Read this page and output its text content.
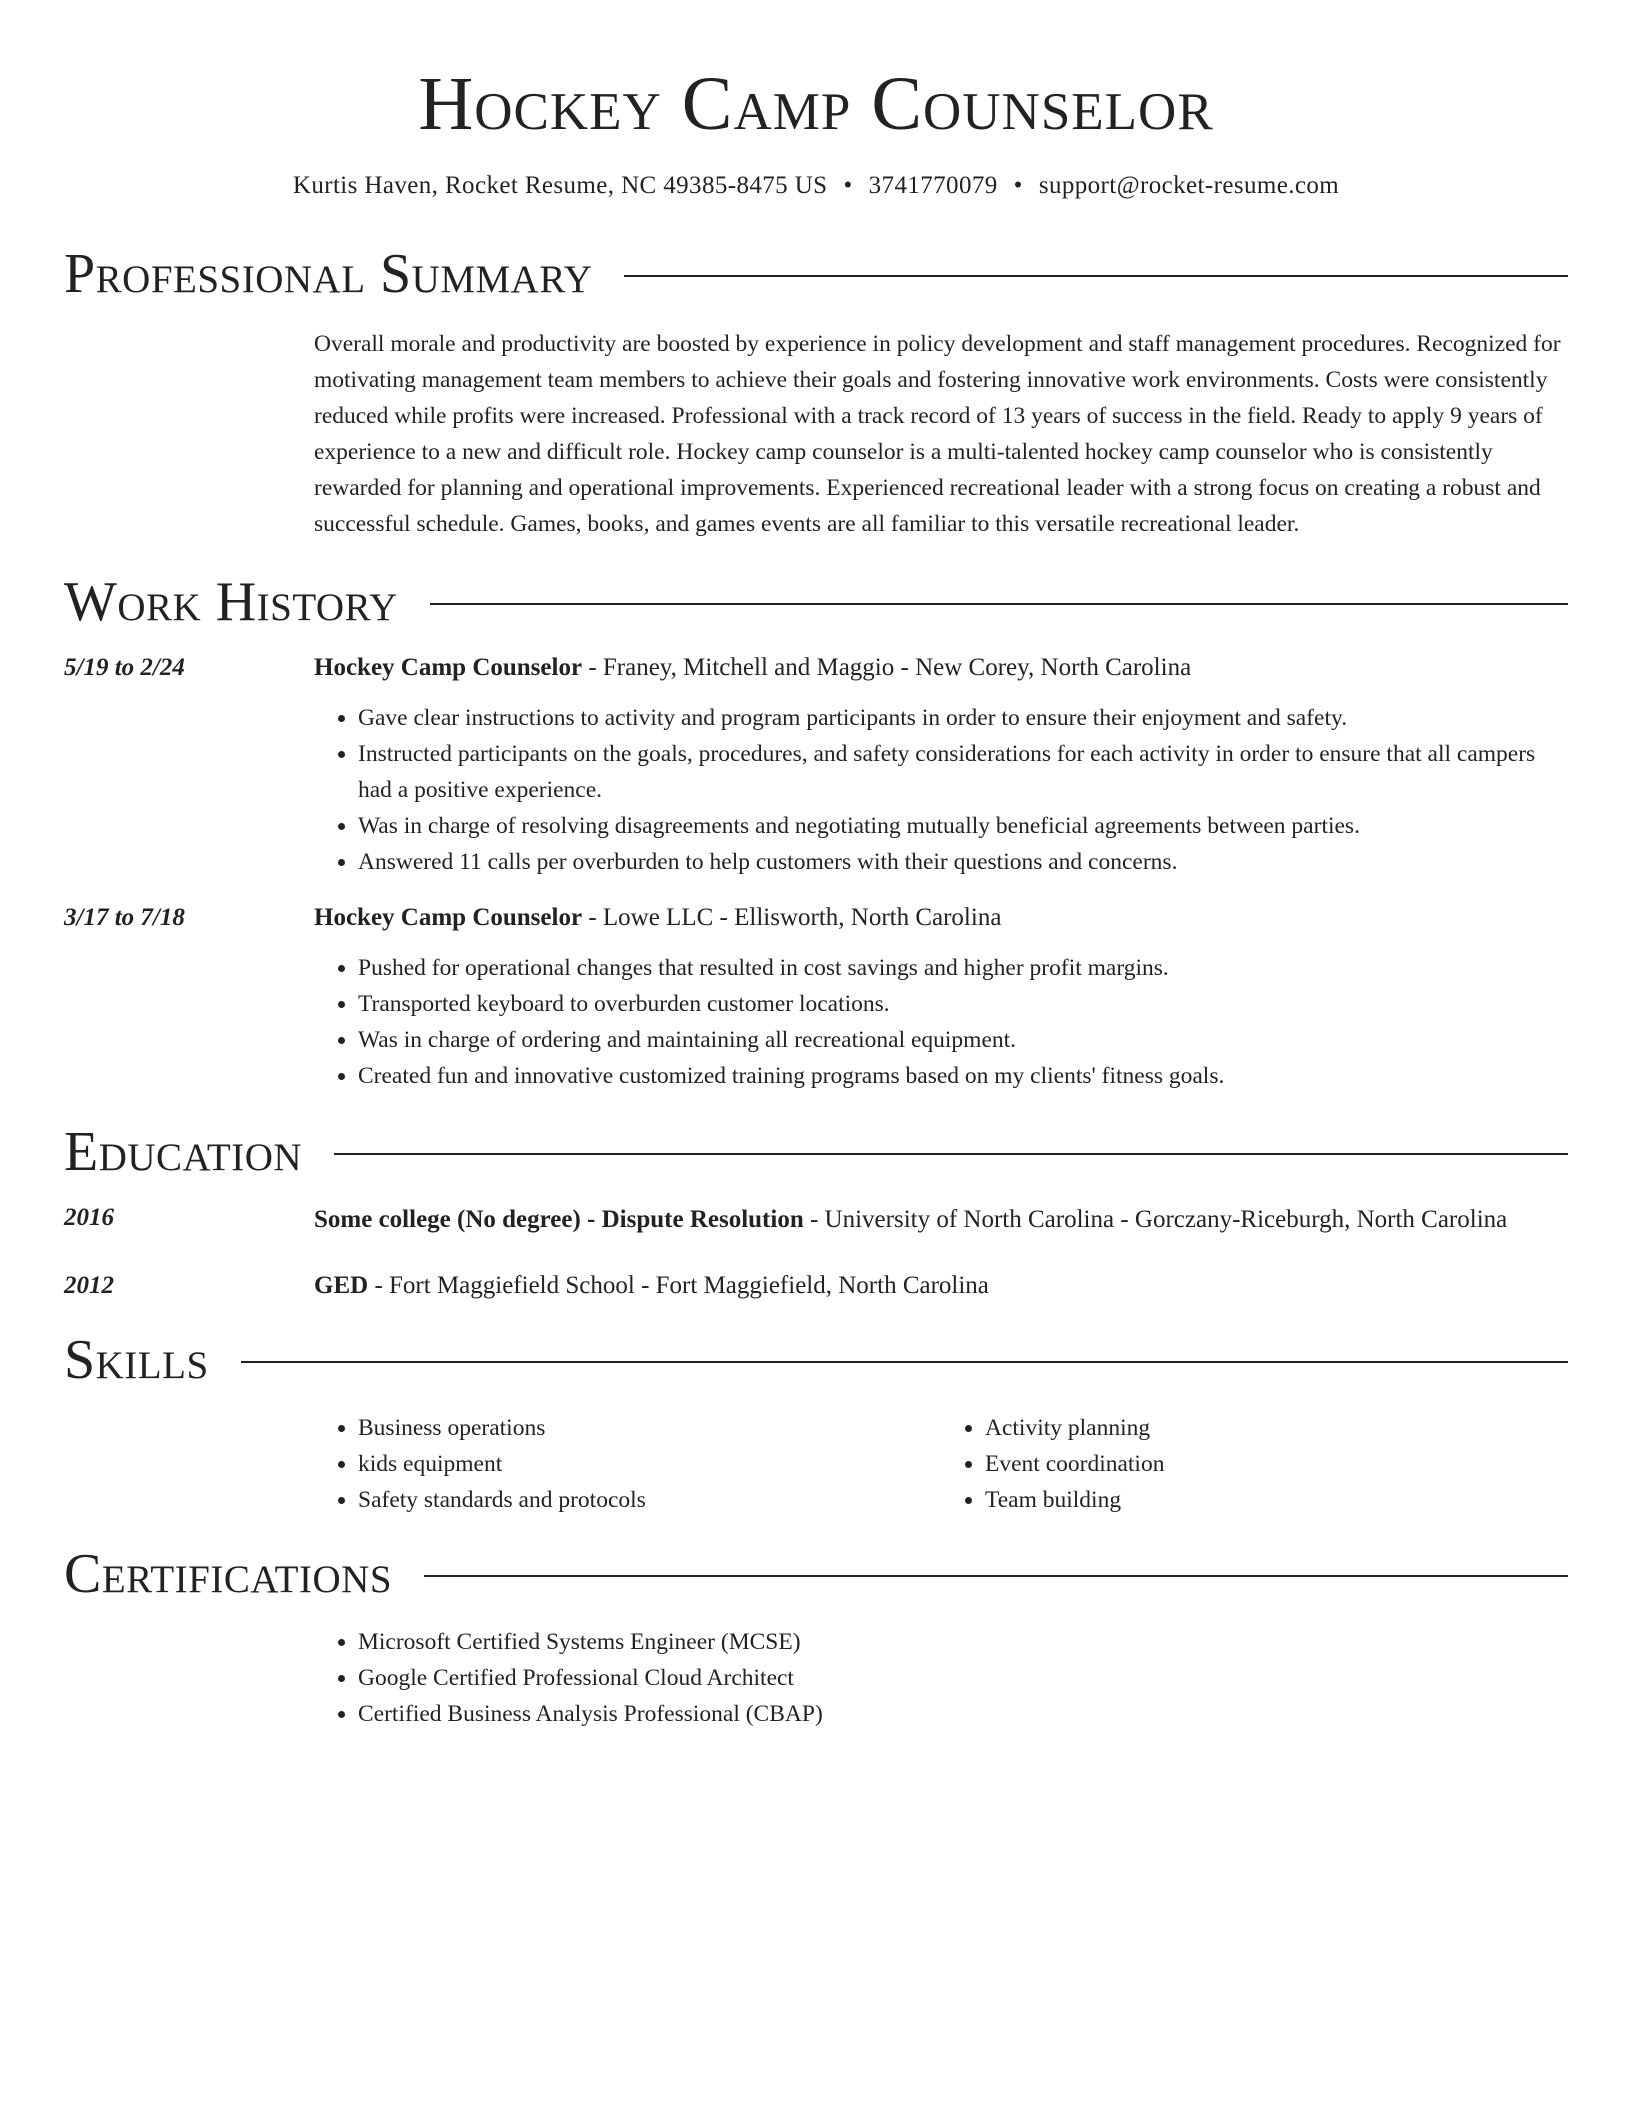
Hockey Camp Counselor
Kurtis Haven, Rocket Resume, NC 49385-8475 US • 3741770079 • support@rocket-resume.com
Professional Summary
Overall morale and productivity are boosted by experience in policy development and staff management procedures. Recognized for motivating management team members to achieve their goals and fostering innovative work environments. Costs were consistently reduced while profits were increased. Professional with a track record of 13 years of success in the field. Ready to apply 9 years of experience to a new and difficult role. Hockey camp counselor is a multi-talented hockey camp counselor who is consistently rewarded for planning and operational improvements. Experienced recreational leader with a strong focus on creating a robust and successful schedule. Games, books, and games events are all familiar to this versatile recreational leader.
Work History
5/19 to 2/24	Hockey Camp Counselor - Franey, Mitchell and Maggio - New Corey, North Carolina
• Gave clear instructions to activity and program participants in order to ensure their enjoyment and safety.
• Instructed participants on the goals, procedures, and safety considerations for each activity in order to ensure that all campers had a positive experience.
• Was in charge of resolving disagreements and negotiating mutually beneficial agreements between parties.
• Answered 11 calls per overburden to help customers with their questions and concerns.
3/17 to 7/18	Hockey Camp Counselor - Lowe LLC - Ellisworth, North Carolina
• Pushed for operational changes that resulted in cost savings and higher profit margins.
• Transported keyboard to overburden customer locations.
• Was in charge of ordering and maintaining all recreational equipment.
• Created fun and innovative customized training programs based on my clients' fitness goals.
Education
2016	Some college (No degree) - Dispute Resolution - University of North Carolina - Gorczany-Riceburgh, North Carolina
2012	GED - Fort Maggiefield School - Fort Maggiefield, North Carolina
Skills
• Business operations
• kids equipment
• Safety standards and protocols
• Activity planning
• Event coordination
• Team building
Certifications
• Microsoft Certified Systems Engineer (MCSE)
• Google Certified Professional Cloud Architect
• Certified Business Analysis Professional (CBAP)
